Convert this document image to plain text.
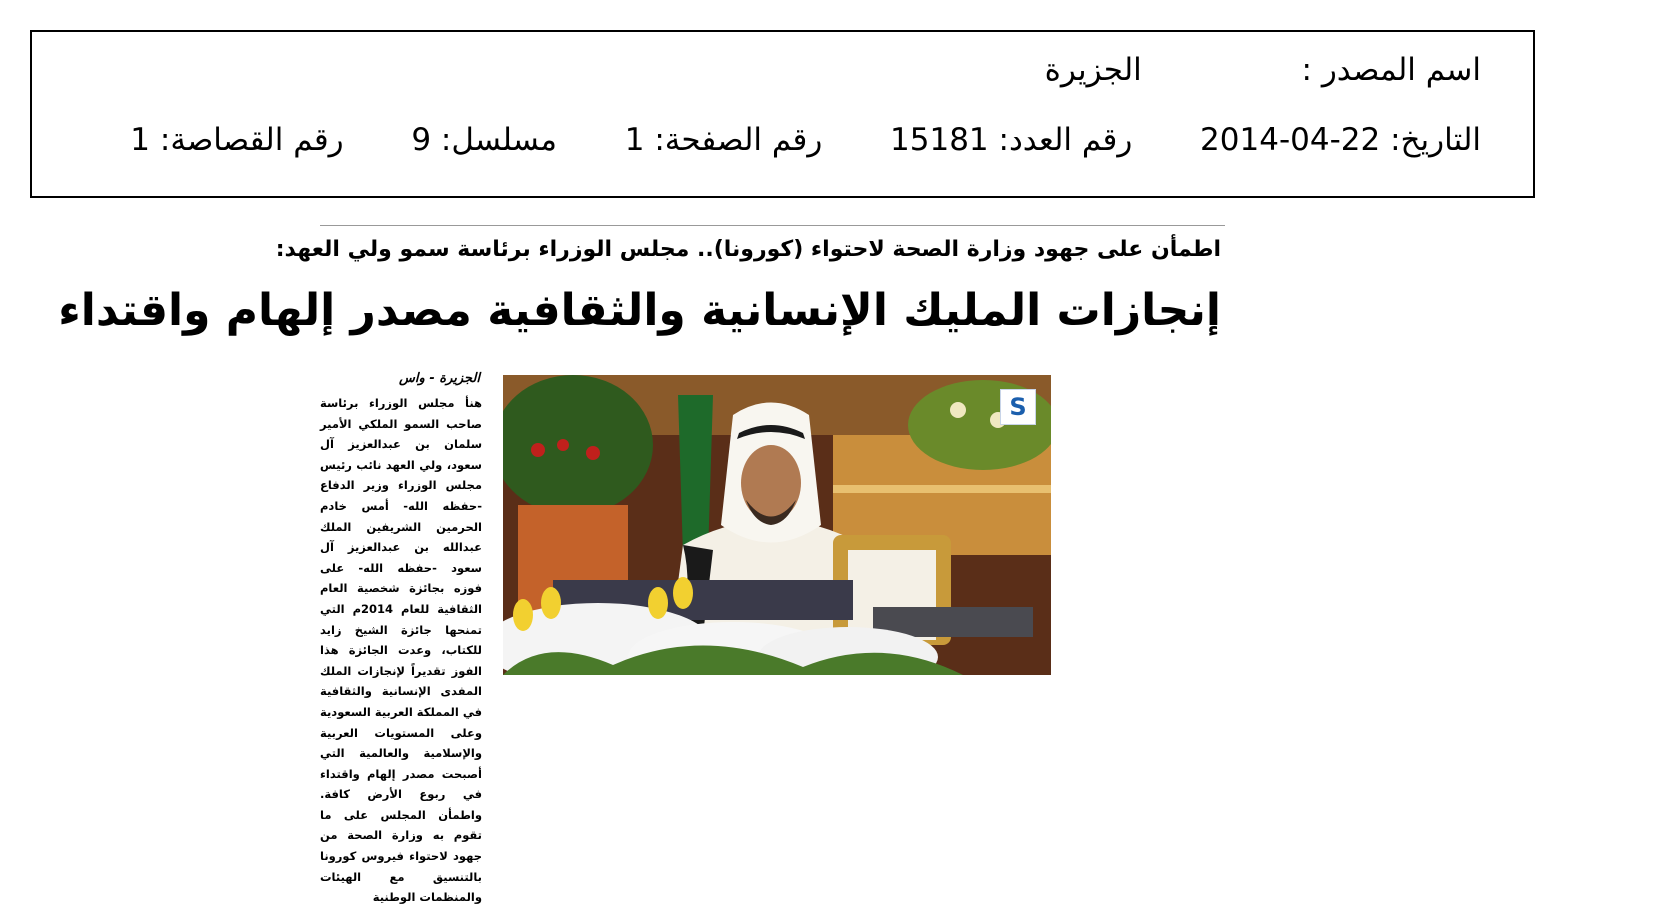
اسم المصدر :  الجزيرة
التاريخ: 22-04-2014  رقم العدد: 15181  رقم الصفحة: 1  مسلسل: 9  رقم القصاصة: 1
اطمأن على جهود وزارة الصحة لاحتواء (كورونا).. مجلس الوزراء برئاسة سمو ولي العهد:
إنجازات المليك الإنسانية والثقافية مصدر إلهام واقتداء
الجزيرة - واس
هنأ مجلس الوزراء برئاسة صاحب السمو الملكي الأمير سلمان بن عبدالعزيز آل سعود، ولي العهد نائب رئيس مجلس الوزراء وزير الدفاع -حفظه الله- أمس خادم الحرمين الشريفين الملك عبدالله بن عبدالعزيز آل سعود -حفظه الله- على فوزه بجائزة شخصية العام الثقافية للعام 2014م التي تمنحها جائزة الشيخ زايد للكتاب، وعدت الجائزة هذا الفوز تقديراً لإنجازات الملك المفدى الإنسانية والثقافية في المملكة العربية السعودية وعلى المستويات العربية والإسلامية والعالمية التي أصبحت مصدر إلهام واقتداء في ربوع الأرض كافة. واطمأن المجلس على ما تقوم به وزارة الصحة من جهود لاحتواء فيروس كورونا بالتنسيق مع الهيئات والمنظمات الوطنية
S
